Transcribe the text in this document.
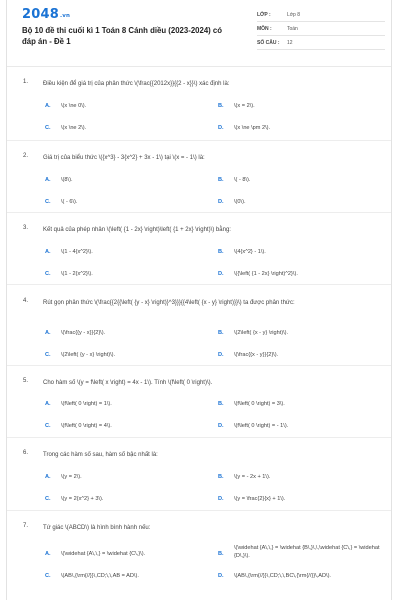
2048.vn
Bộ 10 đề thi cuối kì 1 Toán 8 Cánh diều (2023-2024) có đáp án - Đề 1
LỚP :	Lớp 8
MÔN :	Toán
SỐ CÂU :	12
1. Điều kiện để giá trị của phân thức \(\frac{{2012x}}{{2 - x}}\) xác định là:
A. \(x \ne 0\).	B. \(x = 2\).
C. \(x \ne 2\).	D. \(x \ne \pm 2\).
2. Giá trị của biểu thức \({x^3} - 3{x^2} + 3x - 1\) tại \(x = - 1\) là:
A. \(8\).	B. \( - 8\).
C. \( - 6\).	D. \(0\).
3. Kết quả của phép nhân \(\left( {1 - 2x} \right)\left( {1 + 2x} \right)\) bằng:
A. \(1 - 4{x^2}\).	B. \(4{x^2} - 1\).
C. \(1 - 2{x^2}\).	D. \({\left( {1 - 2x} \right)^2}\).
4. Rút gọn phân thức \(\frac{{2{{\left( {y - x} \right)}^3}}}{{4\left( {x - y} \right)}}\) ta được phân thức:
A. \(\frac{{y - x}}{2}\).	B. \(2\left( {x - y} \right)\).
C. \(2\left( {y - x} \right)\).	D. \(\frac{{x - y}}{2}\).
5. Cho hàm số \(y = f\left( x \right) = 4x - 1\). Tính \(f\left( 0 \right)\).
A. \(f\left( 0 \right) = 1\).	B. \(f\left( 0 \right) = 3\).
C. \(f\left( 0 \right) = 4\).	D. \(f\left( 0 \right) = - 1\).
6. Trong các hàm số sau, hàm số bậc nhất là:
A. \(y = 2\).	B. \(y = - 2x + 1\).
C. \(y = 2{x^2} + 3\).	D. \(y = \frac{2}{x} + 1\).
7. Tứ giác \(ABCD\) là hình bình hành nếu:
A. \(\widehat {A\,\,} = \widehat {C\,}\).	B.
\(\widehat {A\,\,} = \widehat {B\,}\,\,\widehat {C\,} = \widehat {D\,}\).
C. \(AB\,{\rm{//}}\,CD;\,\,AB = AD\).	D. \(AB\,{\rm{//}}\,CD;\,\,BC\,{\rm{//}}\,AD\).
